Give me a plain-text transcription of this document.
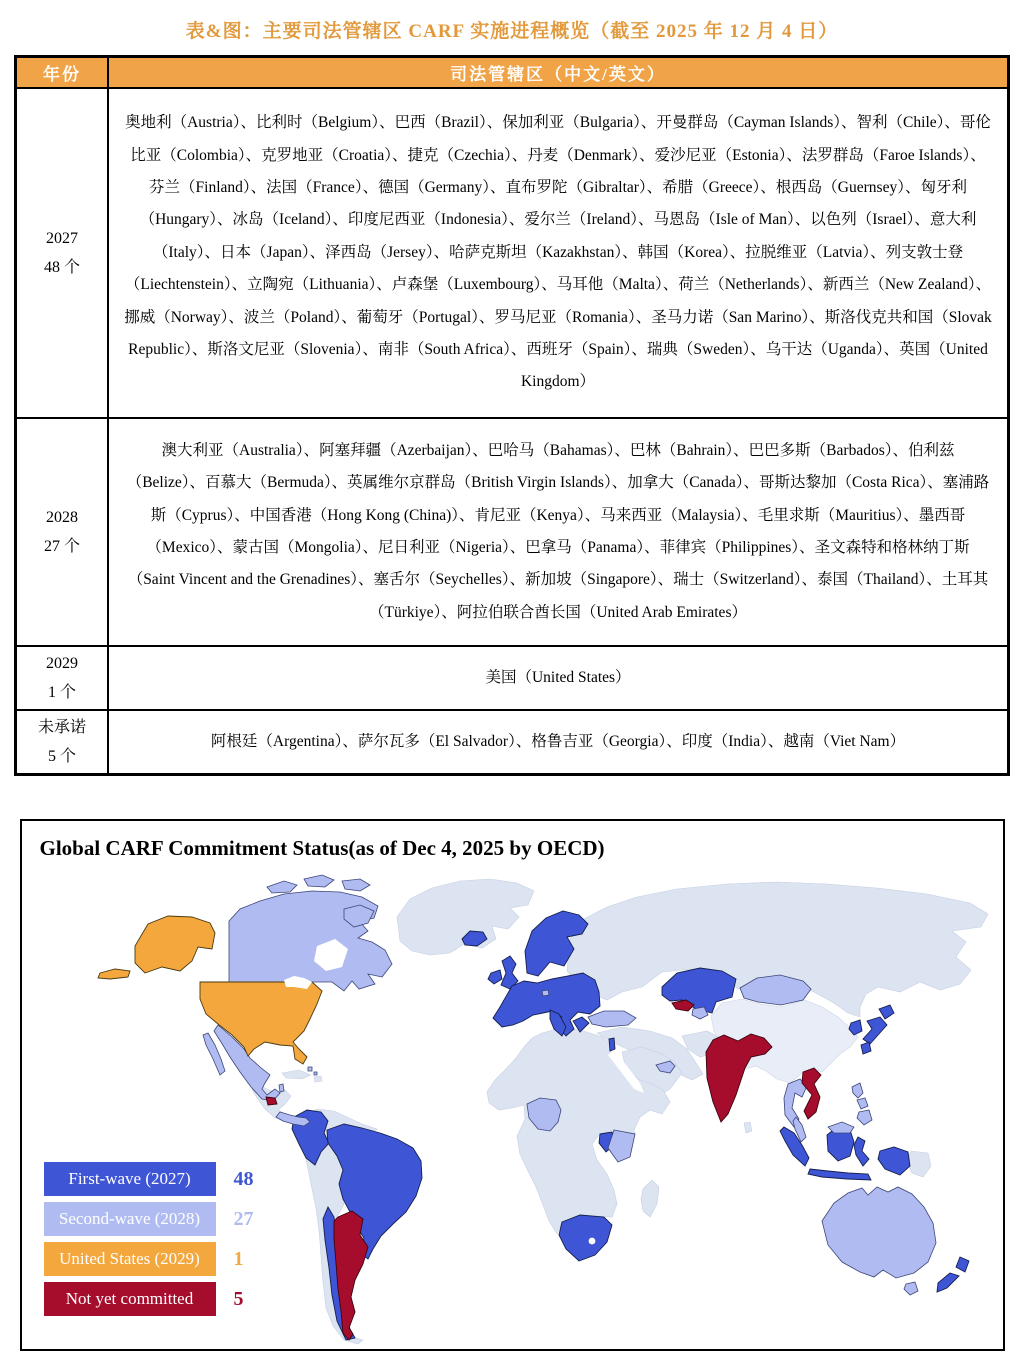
表&图：主要司法管辖区 CARF 实施进程概览（截至 2025 年 12 月 4 日）
年份	司法管辖区（中文/英文）

2027
48 个	奥地利（Austria）、比利时（Belgium）、巴西（Brazil）、保加利亚（Bulgaria）、开曼群岛（Cayman Islands）、智利（Chile）、哥伦比亚（Colombia）、克罗地亚（Croatia）、捷克（Czechia）、丹麦（Denmark）、爱沙尼亚（Estonia）、法罗群岛（Faroe Islands）、芬兰（Finland）、法国（France）、德国（Germany）、直布罗陀（Gibraltar）、希腊（Greece）、根西岛（Guernsey）、匈牙利（Hungary）、冰岛（Iceland）、印度尼西亚（Indonesia）、爱尔兰（Ireland）、马恩岛（Isle of Man）、以色列（Israel）、意大利（Italy）、日本（Japan）、泽西岛（Jersey）、哈萨克斯坦（Kazakhstan）、韩国（Korea）、拉脱维亚（Latvia）、列支敦士登（Liechtenstein）、立陶宛（Lithuania）、卢森堡（Luxembourg）、马耳他（Malta）、荷兰（Netherlands）、新西兰（New Zealand）、挪威（Norway）、波兰（Poland）、葡萄牙（Portugal）、罗马尼亚（Romania）、圣马力诺（San Marino）、斯洛伐克共和国（Slovak Republic）、斯洛文尼亚（Slovenia）、南非（South Africa）、西班牙（Spain）、瑞典（Sweden）、乌干达（Uganda）、英国（United Kingdom）

2028
27 个	澳大利亚（Australia）、阿塞拜疆（Azerbaijan）、巴哈马（Bahamas）、巴林（Bahrain）、巴巴多斯（Barbados）、伯利兹（Belize）、百慕大（Bermuda）、英属维尔京群岛（British Virgin Islands）、加拿大（Canada）、哥斯达黎加（Costa Rica）、塞浦路斯（Cyprus）、中国香港（Hong Kong (China)）、肯尼亚（Kenya）、马来西亚（Malaysia）、毛里求斯（Mauritius）、墨西哥（Mexico）、蒙古国（Mongolia）、尼日利亚（Nigeria）、巴拿马（Panama）、菲律宾（Philippines）、圣文森特和格林纳丁斯（Saint Vincent and the Grenadines）、塞舌尔（Seychelles）、新加坡（Singapore）、瑞士（Switzerland）、泰国（Thailand）、土耳其（Türkiye）、阿拉伯联合酋长国（United Arab Emirates）

2029
1 个	美国（United States）

未承诺
5 个	阿根廷（Argentina）、萨尔瓦多（El Salvador）、格鲁吉亚（Georgia）、印度（India）、越南（Viet Nam）
Global CARF Commitment Status(as of Dec 4, 2025 by OECD)
First-wave (2027)	48
Second-wave (2028)	27
United States (2029)	1
Not yet committed	5
